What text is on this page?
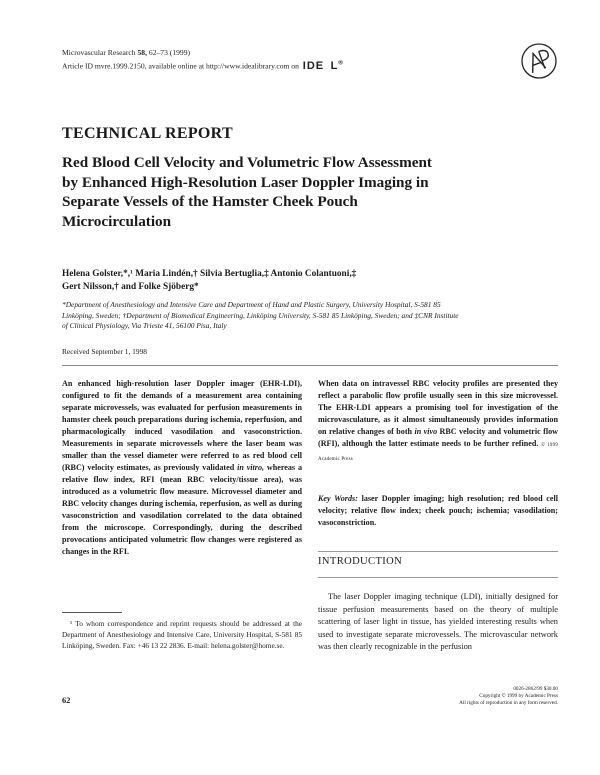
Microvascular Research 58, 62–73 (1999)
Article ID mvre.1999.2150, available online at http://www.idealibrary.com on IDE L®
TECHNICAL REPORT
Red Blood Cell Velocity and Volumetric Flow Assessment by Enhanced High-Resolution Laser Doppler Imaging in Separate Vessels of the Hamster Cheek Pouch Microcirculation
Helena Golster,*,¹ Maria Lindén,† Silvia Bertuglia,‡ Antonio Colantuoni,‡
Gert Nilsson,† and Folke Sjöberg*
*Department of Anesthesiology and Intensive Care and Department of Hand and Plastic Surgery, University Hospital, S-581 85 Linköping, Sweden; †Department of Biomedical Engineering, Linköping University, S-581 85 Linköping, Sweden; and ‡CNR Institute of Clinical Physiology, Via Trieste 41, 56100 Pisa, Italy
Received September 1, 1998
An enhanced high-resolution laser Doppler imager (EHR-LDI), configured to fit the demands of a measurement area containing separate microvessels, was evaluated for perfusion measurements in hamster cheek pouch preparations during ischemia, reperfusion, and pharmacologically induced vasodilation and vasoconstriction. Measurements in separate microvessels where the laser beam was smaller than the vessel diameter were referred to as red blood cell (RBC) velocity estimates, as previously validated in vitro, whereas a relative flow index, RFI (mean RBC velocity/tissue area), was introduced as a volumetric flow measure. Microvessel diameter and RBC velocity changes during ischemia, reperfusion, as well as during vasoconstriction and vasodilation correlated to the data obtained from the microscope. Correspondingly, during the described provocations anticipated volumetric flow changes were registered as changes in the RFI.
When data on intravessel RBC velocity profiles are presented they reflect a parabolic flow profile usually seen in this size microvessel. The EHR-LDI appears a promising tool for investigation of the microvasculature, as it almost simultaneously provides information on relative changes of both in vivo RBC velocity and volumetric flow (RFI), although the latter estimate needs to be further refined. © 1999 Academic Press
Key Words: laser Doppler imaging; high resolution; red blood cell velocity; relative flow index; cheek pouch; ischemia; vasodilation; vasoconstriction.
INTRODUCTION
The laser Doppler imaging technique (LDI), initially designed for tissue perfusion measurements based on the theory of multiple scattering of laser light in tissue, has yielded interesting results when used to investigate separate microvessels. The microvascular network was then clearly recognizable in the perfusion
¹ To whom correspondence and reprint requests should be addressed at the Department of Anesthesiology and Intensive Care, University Hospital, S-581 85 Linköping, Sweden. Fax: +46 13 22 2836. E-mail: helena.golster@home.se.
62
0026-2862/99 $30.00
Copyright © 1999 by Academic Press
All rights of reproduction in any form reserved.
